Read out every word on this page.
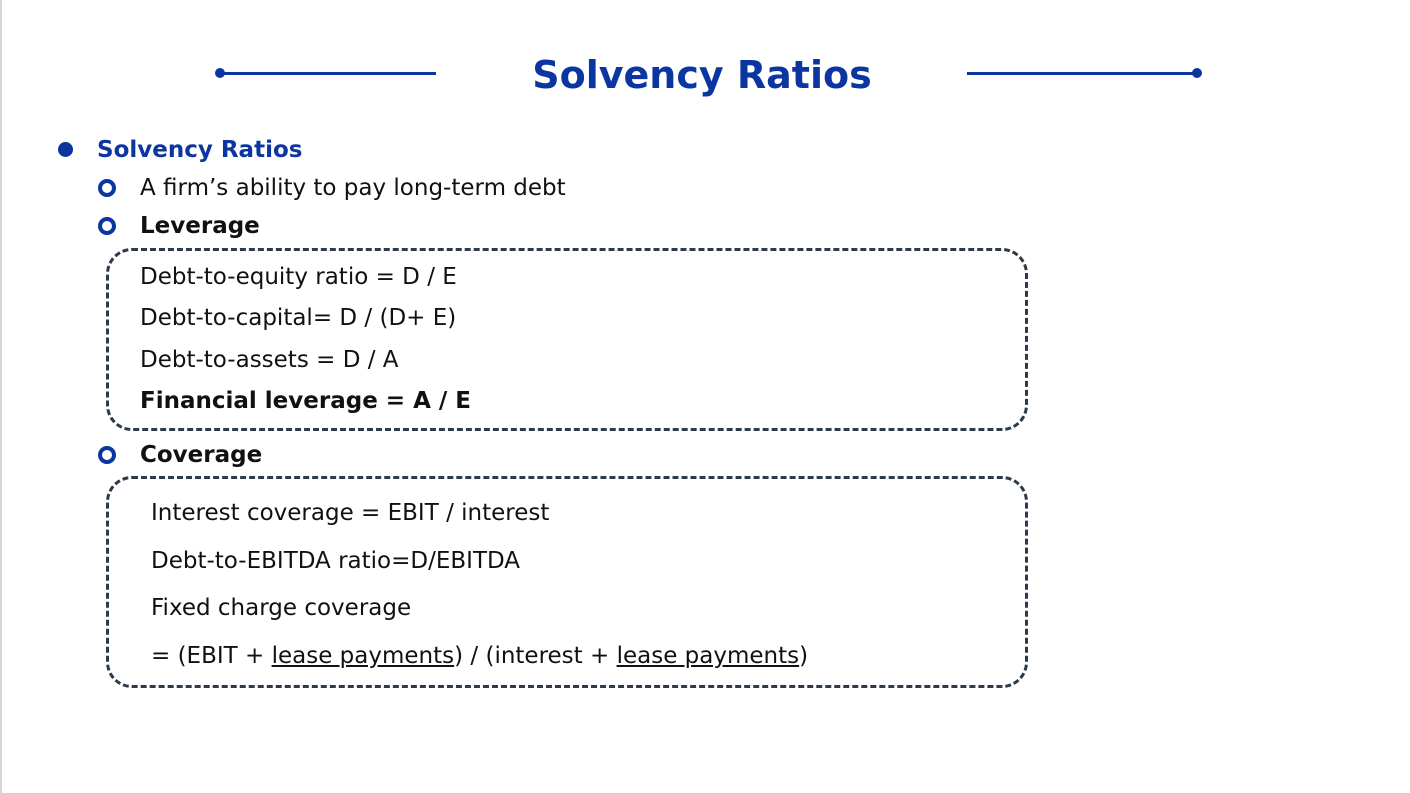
Solvency Ratios
Solvency Ratios
A firm’s ability to pay long-term debt
Leverage
Debt-to-equity ratio = D / E
Debt-to-capital= D / (D+ E)
Debt-to-assets = D / A
Financial leverage = A / E
Coverage
Interest coverage = EBIT / interest
Debt-to-EBITDA ratio=D/EBITDA
Fixed charge coverage
= (EBIT + lease payments) / (interest + lease payments)
